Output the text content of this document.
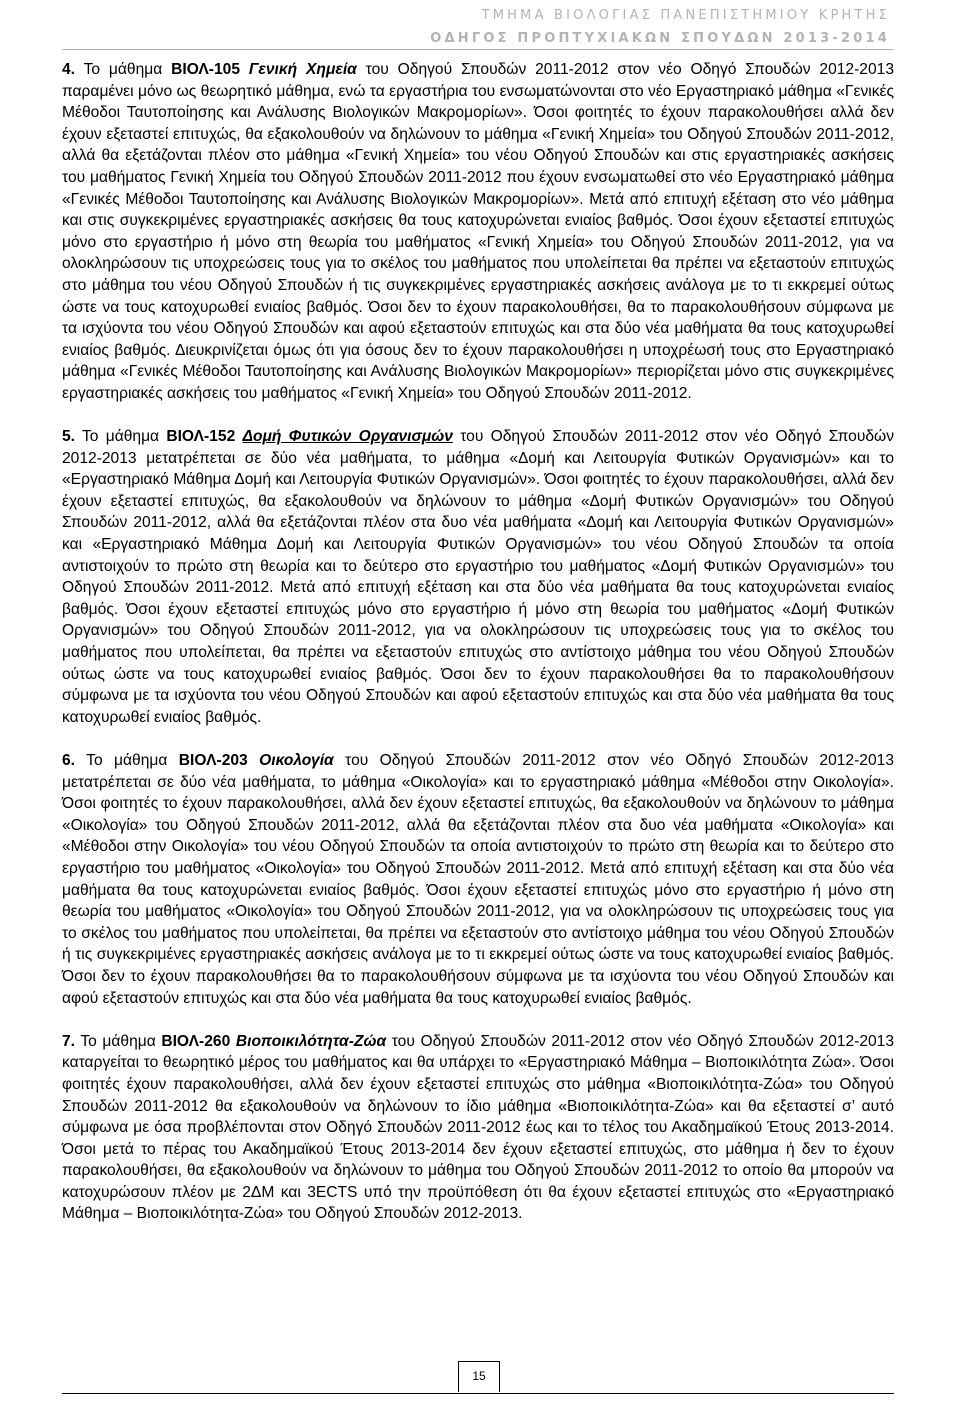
ΤΜΗΜΑ ΒΙΟΛΟΓΙΑΣ ΠΑΝΕΠΙΣΤΗΜΙΟΥ ΚΡΗΤΗΣ
ΟΔΗΓΟΣ ΠΡΟΠΤΥΧΙΑΚΩΝ ΣΠΟΥΔΩΝ 2013-2014

4. Το μάθημα ΒΙΟΛ-105 Γενική Χημεία του Οδηγού Σπουδών 2011-2012 στον νέο Οδηγό Σπουδών 2012-2013 παραμένει μόνο ως θεωρητικό μάθημα, ενώ τα εργαστήρια του ενσωματώνονται στο νέο Εργαστηριακό μάθημα «Γενικές Μέθοδοι Ταυτοποίησης και Ανάλυσης Βιολογικών Μακρομορίων». Όσοι φοιτητές το έχουν παρακολουθήσει αλλά δεν έχουν εξεταστεί επιτυχώς, θα εξακολουθούν να δηλώνουν το μάθημα «Γενική Χημεία» του Οδηγού Σπουδών 2011-2012, αλλά θα εξετάζονται πλέον στο μάθημα «Γενική Χημεία» του νέου Οδηγού Σπουδών και στις εργαστηριακές ασκήσεις του μαθήματος Γενική Χημεία του Οδηγού Σπουδών 2011-2012 που έχουν ενσωματωθεί στο νέο Εργαστηριακό μάθημα «Γενικές Μέθοδοι Ταυτοποίησης και Ανάλυσης Βιολογικών Μακρομορίων». Μετά από επιτυχή εξέταση στο νέο μάθημα και στις συγκεκριμένες εργαστηριακές ασκήσεις θα τους κατοχυρώνεται ενιαίος βαθμός. Όσοι έχουν εξεταστεί επιτυχώς μόνο στο εργαστήριο ή μόνο στη θεωρία του μαθήματος «Γενική Χημεία» του Οδηγού Σπουδών 2011-2012, για να ολοκληρώσουν τις υποχρεώσεις τους για το σκέλος του μαθήματος που υπολείπεται θα πρέπει να εξεταστούν επιτυχώς στο μάθημα του νέου Οδηγού Σπουδών ή τις συγκεκριμένες εργαστηριακές ασκήσεις ανάλογα με το τι εκκρεμεί ούτως ώστε να τους κατοχυρωθεί ενιαίος βαθμός. Όσοι δεν το έχουν παρακολουθήσει, θα το παρακολουθήσουν σύμφωνα με τα ισχύοντα του νέου Οδηγού Σπουδών και αφού εξεταστούν επιτυχώς και στα δύο νέα μαθήματα θα τους κατοχυρωθεί ενιαίος βαθμός. Διευκρινίζεται όμως ότι για όσους δεν το έχουν παρακολουθήσει η υποχρέωσή τους στο Εργαστηριακό μάθημα «Γενικές Μέθοδοι Ταυτοποίησης και Ανάλυσης Βιολογικών Μακρομορίων» περιορίζεται μόνο στις συγκεκριμένες εργαστηριακές ασκήσεις του μαθήματος «Γενική Χημεία» του Οδηγού Σπουδών 2011-2012.

5. Το μάθημα ΒΙΟΛ-152 Δομή Φυτικών Οργανισμών του Οδηγού Σπουδών 2011-2012 στον νέο Οδηγό Σπουδών 2012-2013 μετατρέπεται σε δύο νέα μαθήματα, το μάθημα «Δομή και Λειτουργία Φυτικών Οργανισμών» και το «Εργαστηριακό Μάθημα Δομή και Λειτουργία Φυτικών Οργανισμών». Όσοι φοιτητές το έχουν παρακολουθήσει, αλλά δεν έχουν εξεταστεί επιτυχώς, θα εξακολουθούν να δηλώνουν το μάθημα «Δομή Φυτικών Οργανισμών» του Οδηγού Σπουδών 2011-2012, αλλά θα εξετάζονται πλέον στα δυο νέα μαθήματα «Δομή και Λειτουργία Φυτικών Οργανισμών» και «Εργαστηριακό Μάθημα Δομή και Λειτουργία Φυτικών Οργανισμών» του νέου Οδηγού Σπουδών τα οποία αντιστοιχούν το πρώτο στη θεωρία και το δεύτερο στο εργαστήριο του μαθήματος «Δομή Φυτικών Οργανισμών» του Οδηγού Σπουδών 2011-2012. Μετά από επιτυχή εξέταση και στα δύο νέα μαθήματα θα τους κατοχυρώνεται ενιαίος βαθμός. Όσοι έχουν εξεταστεί επιτυχώς μόνο στο εργαστήριο ή μόνο στη θεωρία του μαθήματος «Δομή Φυτικών Οργανισμών» του Οδηγού Σπουδών 2011-2012, για να ολοκληρώσουν τις υποχρεώσεις τους για το σκέλος του μαθήματος που υπολείπεται, θα πρέπει να εξεταστούν επιτυχώς στο αντίστοιχο μάθημα του νέου Οδηγού Σπουδών ούτως ώστε να τους κατοχυρωθεί ενιαίος βαθμός. Όσοι δεν το έχουν παρακολουθήσει θα το παρακολουθήσουν σύμφωνα με τα ισχύοντα του νέου Οδηγού Σπουδών και αφού εξεταστούν επιτυχώς και στα δύο νέα μαθήματα θα τους κατοχυρωθεί ενιαίος βαθμός.

6. Το μάθημα ΒΙΟΛ-203 Οικολογία του Οδηγού Σπουδών 2011-2012 στον νέο Οδηγό Σπουδών 2012-2013 μετατρέπεται σε δύο νέα μαθήματα, το μάθημα «Οικολογία» και το εργαστηριακό μάθημα «Μέθοδοι στην Οικολογία». Όσοι φοιτητές το έχουν παρακολουθήσει, αλλά δεν έχουν εξεταστεί επιτυχώς, θα εξακολουθούν να δηλώνουν το μάθημα «Οικολογία» του Οδηγού Σπουδών 2011-2012, αλλά θα εξετάζονται πλέον στα δυο νέα μαθήματα «Οικολογία» και «Μέθοδοι στην Οικολογία» του νέου Οδηγού Σπουδών τα οποία αντιστοιχούν το πρώτο στη θεωρία και το δεύτερο στο εργαστήριο του μαθήματος «Οικολογία» του Οδηγού Σπουδών 2011-2012. Μετά από επιτυχή εξέταση και στα δύο νέα μαθήματα θα τους κατοχυρώνεται ενιαίος βαθμός. Όσοι έχουν εξεταστεί επιτυχώς μόνο στο εργαστήριο ή μόνο στη θεωρία του μαθήματος «Οικολογία» του Οδηγού Σπουδών 2011-2012, για να ολοκληρώσουν τις υποχρεώσεις τους για το σκέλος του μαθήματος που υπολείπεται, θα πρέπει να εξεταστούν στο αντίστοιχο μάθημα του νέου Οδηγού Σπουδών ή τις συγκεκριμένες εργαστηριακές ασκήσεις ανάλογα με το τι εκκρεμεί ούτως ώστε να τους κατοχυρωθεί ενιαίος βαθμός. Όσοι δεν το έχουν παρακολουθήσει θα το παρακολουθήσουν σύμφωνα με τα ισχύοντα του νέου Οδηγού Σπουδών και αφού εξεταστούν επιτυχώς και στα δύο νέα μαθήματα θα τους κατοχυρωθεί ενιαίος βαθμός.

7. Το μάθημα ΒΙΟΛ-260 Βιοποικιλότητα-Ζώα του Οδηγού Σπουδών 2011-2012 στον νέο Οδηγό Σπουδών 2012-2013 καταργείται το θεωρητικό μέρος του μαθήματος και θα υπάρχει το «Εργαστηριακό Μάθημα – Βιοποικιλότητα Ζώα». Όσοι φοιτητές έχουν παρακολουθήσει, αλλά δεν έχουν εξεταστεί επιτυχώς στο μάθημα «Βιοποικιλότητα-Ζώα» του Οδηγού Σπουδών 2011-2012 θα εξακολουθούν να δηλώνουν το ίδιο μάθημα «Βιοποικιλότητα-Ζώα» και θα εξεταστεί σ’ αυτό σύμφωνα με όσα προβλέπονται στον Οδηγό Σπουδών 2011-2012 έως και το τέλος του Ακαδημαϊκού Έτους 2013-2014. Όσοι μετά το πέρας του Ακαδημαϊκού Έτους 2013-2014 δεν έχουν εξεταστεί επιτυχώς, στο μάθημα ή δεν το έχουν παρακολουθήσει, θα εξακολουθούν να δηλώνουν το μάθημα του Οδηγού Σπουδών 2011-2012 το οποίο θα μπορούν να κατοχυρώσουν πλέον με 2ΔΜ και 3ECTS υπό την προϋπόθεση ότι θα έχουν εξεταστεί επιτυχώς στο «Εργαστηριακό Μάθημα – Βιοποικιλότητα-Ζώα» του Οδηγού Σπουδών 2012-2013.

15
